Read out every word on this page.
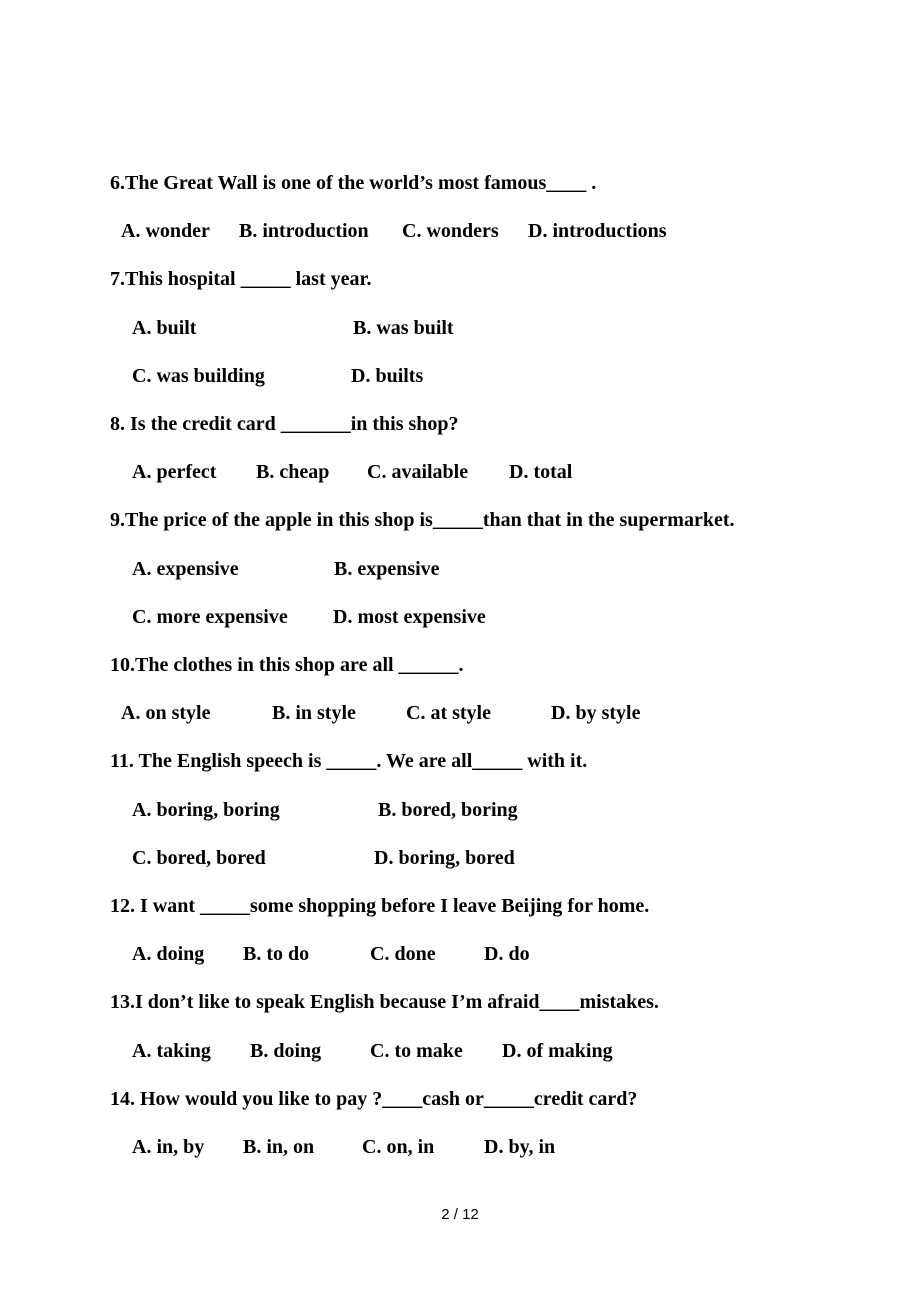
6.The Great Wall is one of the world’s most famous____ .
A. wonder B. introduction C. wonders D. introductions
7.This hospital _____ last year.
A. built	B. was built
C. was building	D. builts
8. Is the credit card _______in this shop?
A. perfect B. cheap C. available D. total
9.The price of the apple in this shop is_____than that in the supermarket.
A. expensive	B. expensive
C. more expensive D. most expensive
10.The clothes in this shop are all ______.
A. on style	B. in style	C. at style	D. by style
11. The English speech is _____. We are all_____ with it.
A. boring, boring	B. bored, boring
C. bored, bored	D. boring, bored
12. I want _____some shopping before I leave Beijing for home.
A. doing B. to do	C. done D. do
13.I don’t like to speak English because I’m afraid____mistakes.
A. taking B. doing C. to make D. of making
14. How would you like to pay ?____cash or_____credit card?
A. in, by B. in, on C. on, in D. by, in
2 / 12
